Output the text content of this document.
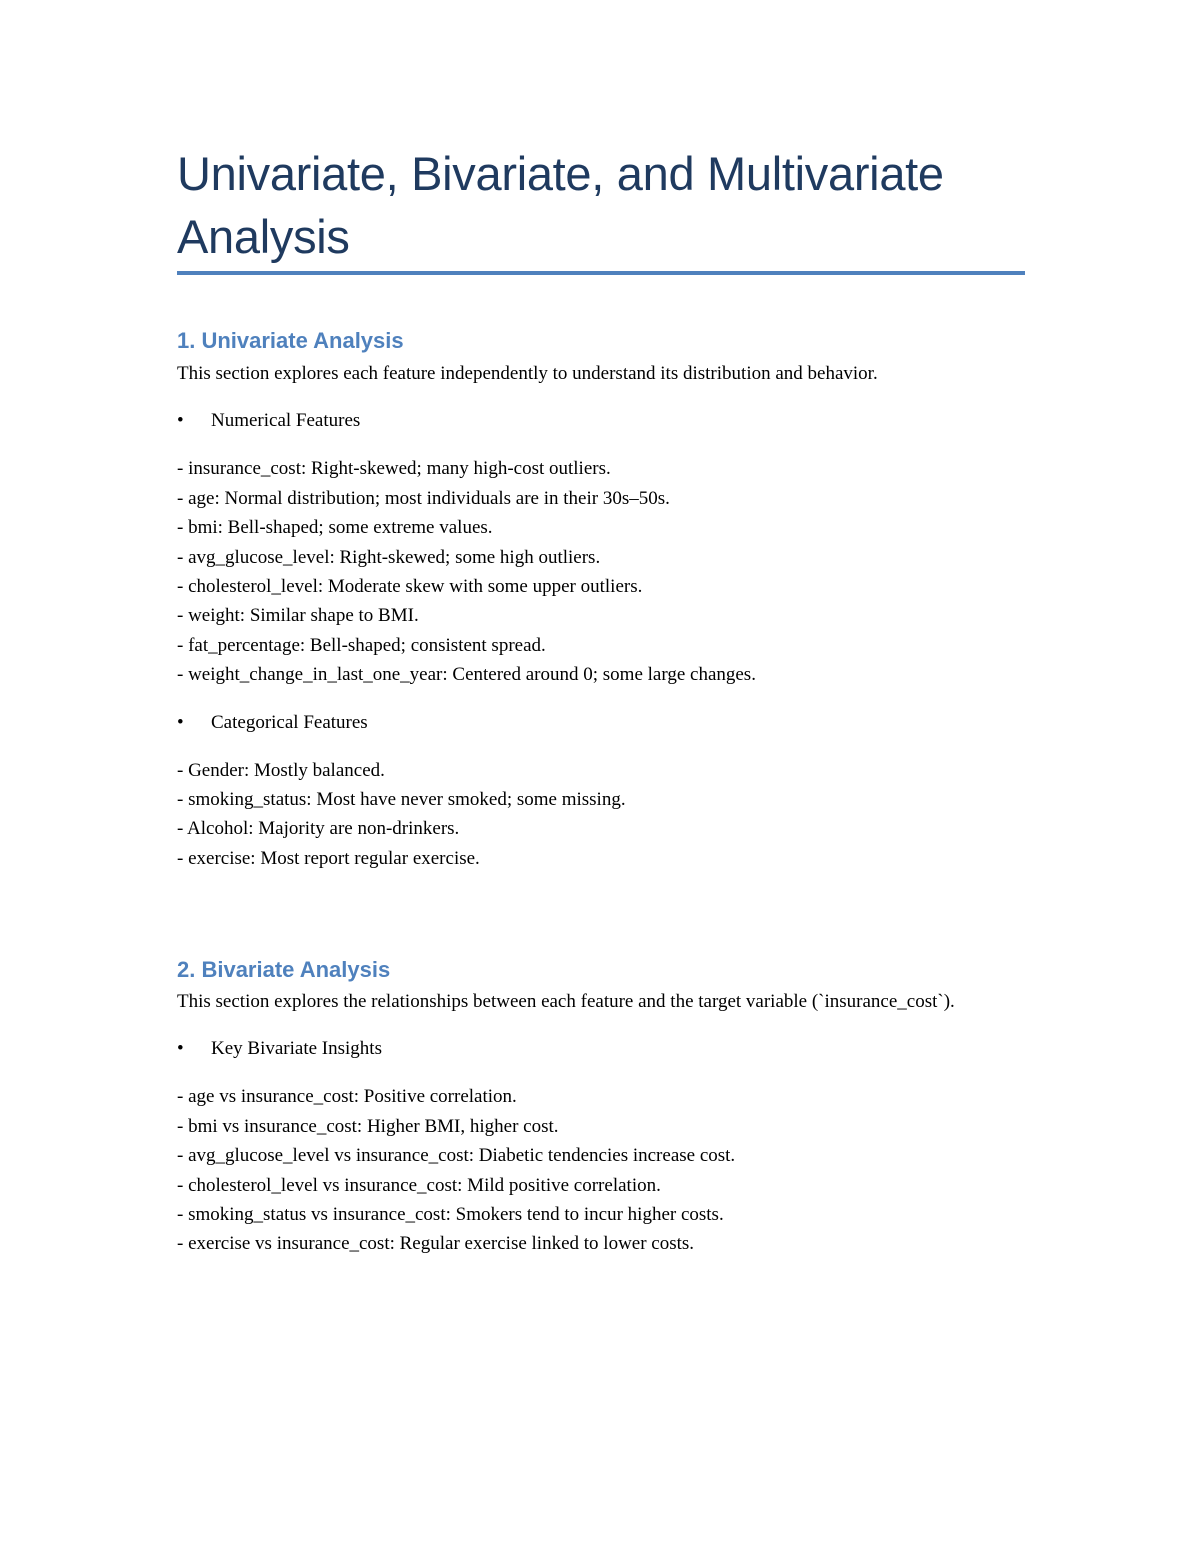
Univariate, Bivariate, and Multivariate Analysis
1. Univariate Analysis

This section explores each feature independently to understand its distribution and behavior.

• Numerical Features
- insurance_cost: Right-skewed; many high-cost outliers.
- age: Normal distribution; most individuals are in their 30s–50s.
- bmi: Bell-shaped; some extreme values.
- avg_glucose_level: Right-skewed; some high outliers.
- cholesterol_level: Moderate skew with some upper outliers.
- weight: Similar shape to BMI.
- fat_percentage: Bell-shaped; consistent spread.
- weight_change_in_last_one_year: Centered around 0; some large changes.
• Categorical Features
- Gender: Mostly balanced.
- smoking_status: Most have never smoked; some missing.
- Alcohol: Majority are non-drinkers.
- exercise: Most report regular exercise.
2. Bivariate Analysis

This section explores the relationships between each feature and the target variable (`insurance_cost`).

• Key Bivariate Insights
- age vs insurance_cost: Positive correlation.
- bmi vs insurance_cost: Higher BMI, higher cost.
- avg_glucose_level vs insurance_cost: Diabetic tendencies increase cost.
- cholesterol_level vs insurance_cost: Mild positive correlation.
- smoking_status vs insurance_cost: Smokers tend to incur higher costs.
- exercise vs insurance_cost: Regular exercise linked to lower costs.
